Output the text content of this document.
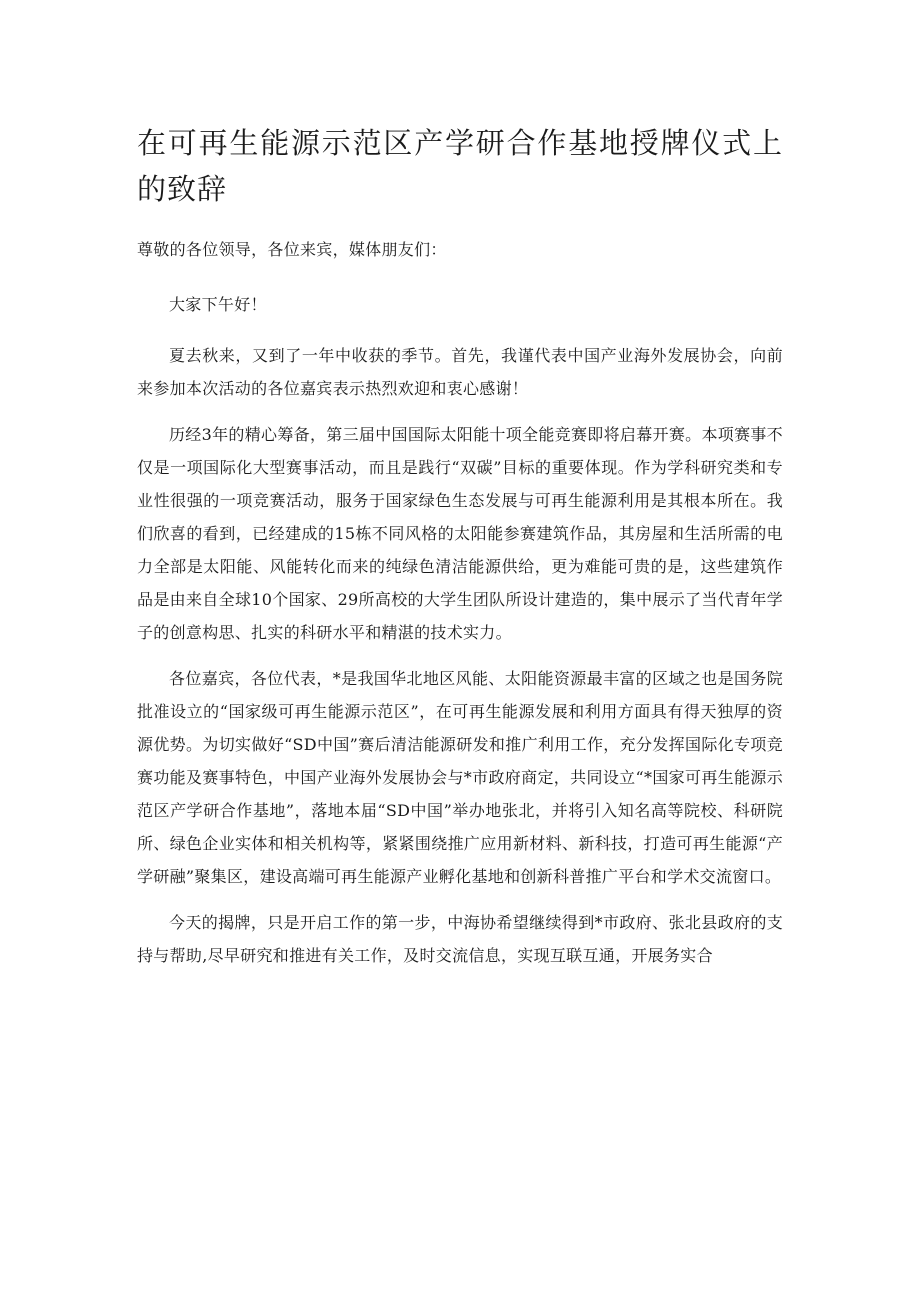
在可再生能源示范区产学研合作基地授牌仪式上的致辞

尊敬的各位领导，各位来宾，媒体朋友们：

大家下午好！

夏去秋来，又到了一年中收获的季节。首先，我谨代表中国产业海外发展协会，向前来参加本次活动的各位嘉宾表示热烈欢迎和衷心感谢！

历经3年的精心筹备，第三届中国国际太阳能十项全能竞赛即将启幕开赛。本项赛事不仅是一项国际化大型赛事活动，而且是践行“双碳”目标的重要体现。作为学科研究类和专业性很强的一项竞赛活动，服务于国家绿色生态发展与可再生能源利用是其根本所在。我们欣喜的看到，已经建成的15栋不同风格的太阳能参赛建筑作品，其房屋和生活所需的电力全部是太阳能、风能转化而来的纯绿色清洁能源供给，更为难能可贵的是，这些建筑作品是由来自全球10个国家、29所高校的大学生团队所设计建造的，集中展示了当代青年学子的创意构思、扎实的科研水平和精湛的技术实力。

各位嘉宾，各位代表，*是我国华北地区风能、太阳能资源最丰富的区域之也是国务院批准设立的“国家级可再生能源示范区”，在可再生能源发展和利用方面具有得天独厚的资源优势。为切实做好“SD中国”赛后清洁能源研发和推广利用工作，充分发挥国际化专项竞赛功能及赛事特色，中国产业海外发展协会与*市政府商定，共同设立“*国家可再生能源示范区产学研合作基地”，落地本届“SD中国”举办地张北，并将引入知名高等院校、科研院所、绿色企业实体和相关机构等，紧紧围绕推广应用新材料、新科技，打造可再生能源“产学研融”聚集区，建设高端可再生能源产业孵化基地和创新科普推广平台和学术交流窗口。

今天的揭牌，只是开启工作的第一步，中海协希望继续得到*市政府、张北县政府的支持与帮助,尽早研究和推进有关工作，及时交流信息，实现互联互通，开展务实合
